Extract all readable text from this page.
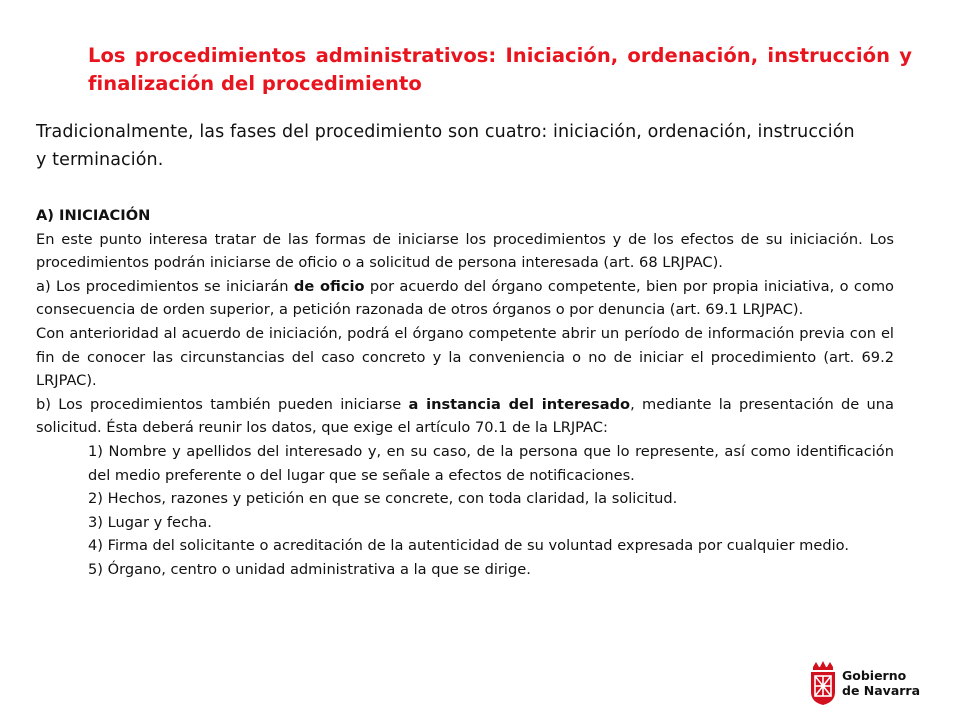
Los procedimientos administrativos: Iniciación, ordenación, instrucción y finalización del procedimiento
Tradicionalmente, las fases del procedimiento son cuatro: iniciación, ordenación, instrucción y terminación.

A) INICIACIÓN

En este punto interesa tratar de las formas de iniciarse los procedimientos y de los efectos de su iniciación. Los procedimientos podrán iniciarse de oficio o a solicitud de persona interesada (art. 68 LRJPAC).

a) Los procedimientos se iniciarán de oficio por acuerdo del órgano competente, bien por propia iniciativa, o como consecuencia de orden superior, a petición razonada de otros órganos o por denuncia (art. 69.1 LRJPAC).

Con anterioridad al acuerdo de iniciación, podrá el órgano competente abrir un período de información previa con el fin de conocer las circunstancias del caso concreto y la conveniencia o no de iniciar el procedimiento (art. 69.2 LRJPAC).

b) Los procedimientos también pueden iniciarse a instancia del interesado, mediante la presentación de una solicitud. Ésta deberá reunir los datos, que exige el artículo 70.1 de la LRJPAC:

1) Nombre y apellidos del interesado y, en su caso, de la persona que lo represente, así como identificación del medio preferente o del lugar que se señale a efectos de notificaciones.

2) Hechos, razones y petición en que se concrete, con toda claridad, la solicitud.

3) Lugar y fecha.

4) Firma del solicitante o acreditación de la autenticidad de su voluntad expresada por cualquier medio.

5) Órgano, centro o unidad administrativa a la que se dirige.

Gobierno
de Navarra
